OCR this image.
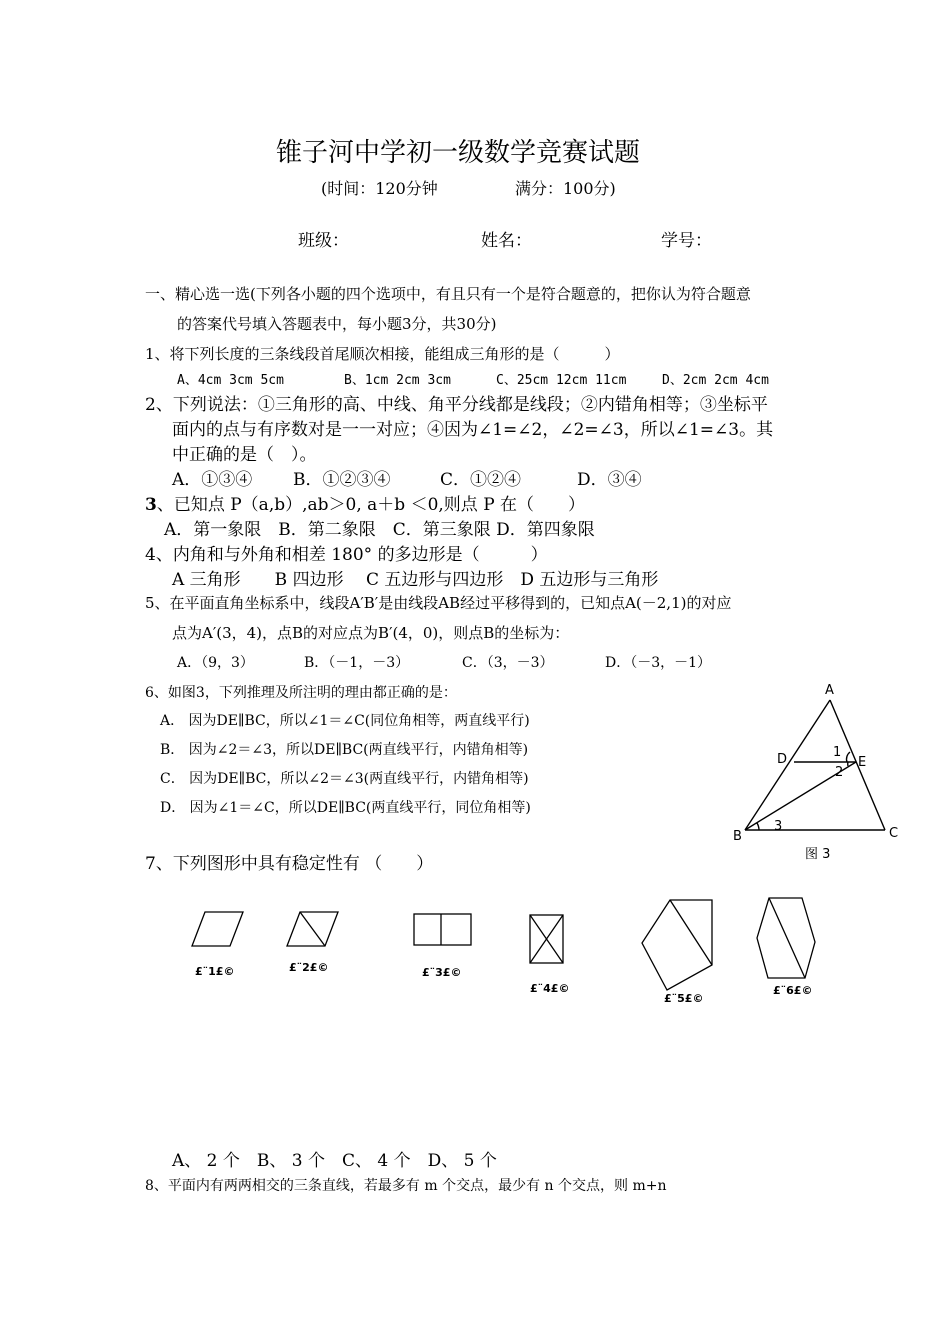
锥子河中学初一级数学竞赛试题
(时间：120分钟	满分：100分)
班级：	姓名：	学号：
一、精心选一选(下列各小题的四个选项中，有且只有一个是符合题意的，把你认为符合题意
的答案代号填入答题表中，每小题3分，共30分)
1、将下列长度的三条线段首尾顺次相接，能组成三角形的是（　　　）
A、4cm 3cm 5cm	B、1cm 2cm 3cm	C、25cm 12cm 11cm	D、2cm 2cm 4cm
2、下列说法：①三角形的高、中线、角平分线都是线段；②内错角相等；③坐标平
面内的点与有序数对是一一对应；④因为∠1=∠2，∠2=∠3，所以∠1=∠3。其
中正确的是（　）。
A．①③④ B．①②③④	C．①②④	D．③④
3、已知点 P（a,b）,ab＞0, a＋b ＜0,则点 P 在（　　）
A．第一象限　B．第二象限　C．第三象限 D．第四象限
4、内角和与外角和相差 180° 的多边形是（　　　）
A 三角形　　B 四边形　 C 五边形与四边形　D 五边形与三角形
5、在平面直角坐标系中，线段A′B′是由线段AB经过平移得到的，已知点A(－2,1)的对应
点为A′(3，4)，点B的对应点为B′(4，0)，则点B的坐标为：
A．（9，3）	B．（－1，－3）	C．（3，－3）	D．（－3，－1）
6、如图3，下列推理及所注明的理由都正确的是：
A． 因为DE∥BC，所以∠1＝∠C(同位角相等，两直线平行)
B． 因为∠2＝∠3，所以DE∥BC(两直线平行，内错角相等)
C． 因为DE∥BC，所以∠2＝∠3(两直线平行，内错角相等)
D． 因为∠1＝∠C，所以DE∥BC(两直线平行，同位角相等)
A
B	C
D	E
1
2
3
图 3
7、下列图形中具有稳定性有 （　　）
£¨1£©	£¨2£©	£¨3£©
£¨4£©
£¨5£©
£¨6£©
A、 2 个　B、 3 个　C、 4 个　D、 5 个
8、平面内有两两相交的三条直线，若最多有 m 个交点，最少有 n 个交点，则 m+n
